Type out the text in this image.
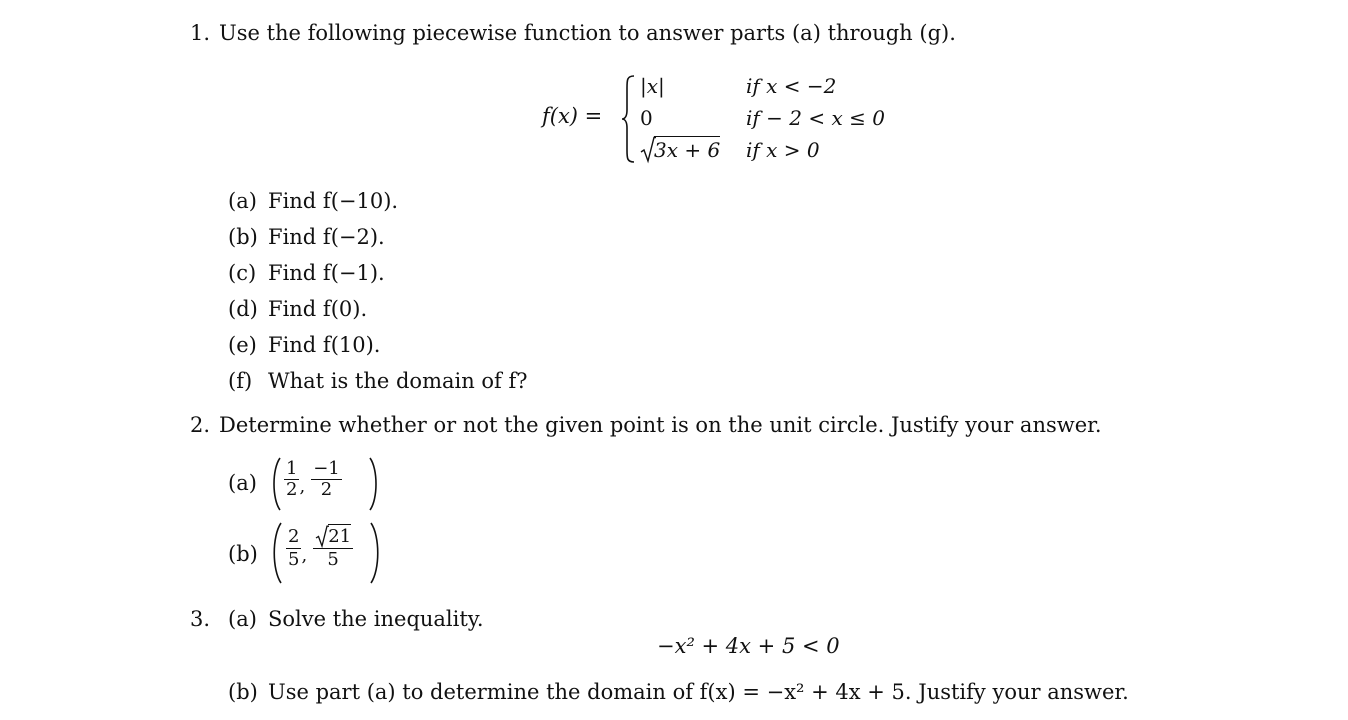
1. Use the following piecewise function to answer parts (a) through (g).
f(x) =
|x|
0
3x + 6
if x < −2
if − 2 < x ≤ 0
if x > 0
(a) Find f(−10).
(b) Find f(−2).
(c) Find f(−1).
(d) Find f(0).
(e) Find f(10).
(f) What is the domain of f?
2. Determine whether or not the given point is on the unit circle. Justify your answer.
$(a) \frac{1}{2}$ , $\frac{-1}{2}$
$(b) \frac{2}{5}$ , $\frac{21}{5}$
3. (a) Solve the inequality.
−x² + 4x + 5 < 0
(b) Use part (a) to determine the domain of f(x) = −x² + 4x + 5. Justify your answer.
